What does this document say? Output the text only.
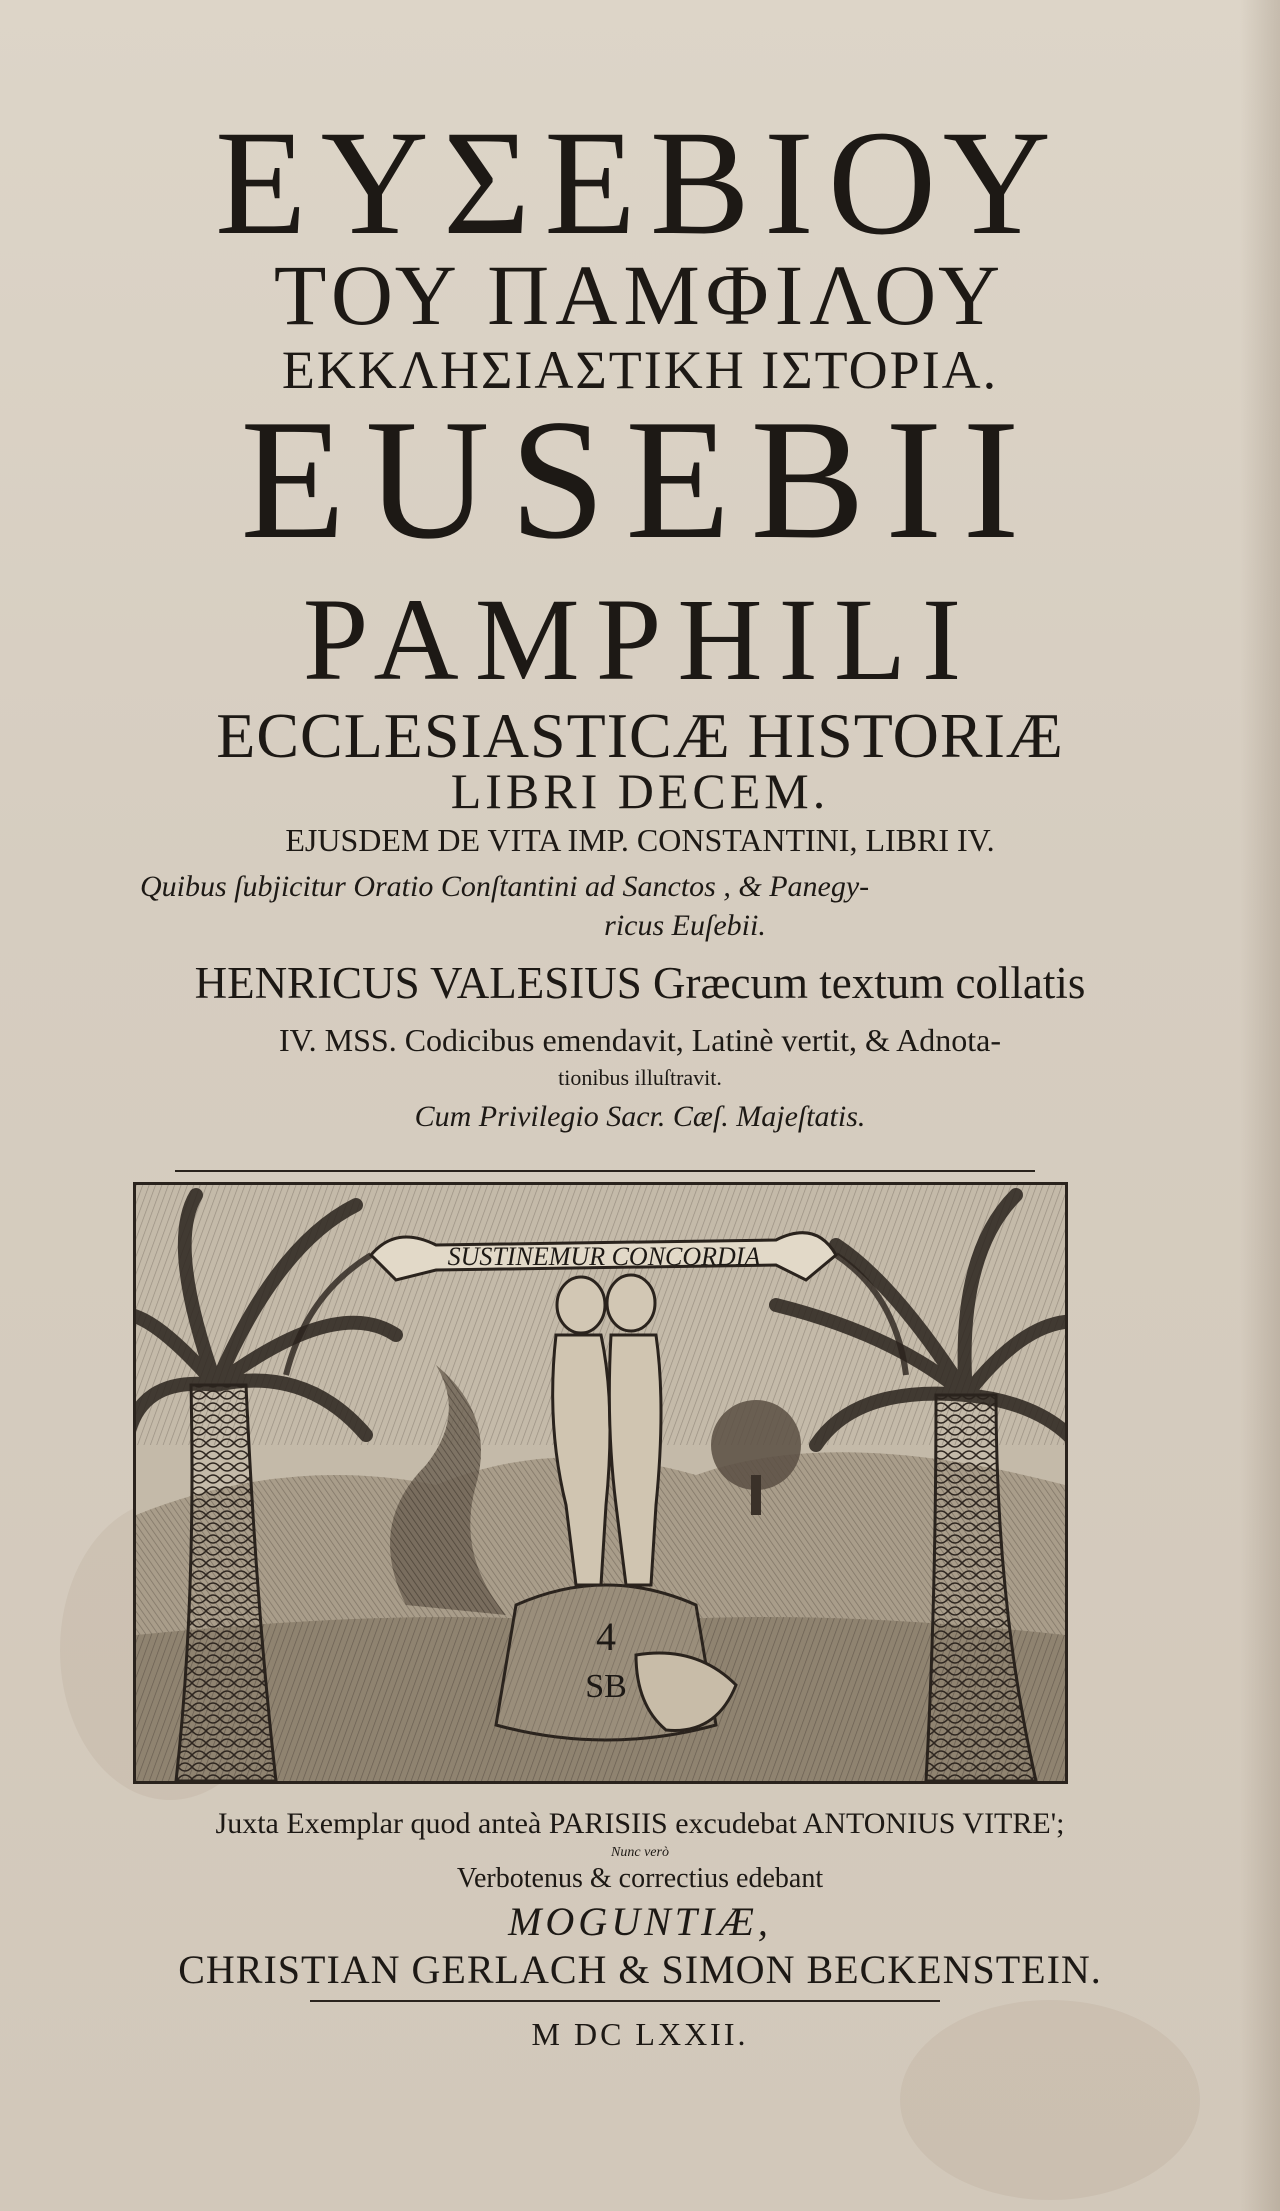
ΕΥΣΕΒΙΟΥ
ΤΟΥ ΠΑΜΦΙΛΟΥ
ΕΚΚΛΗΣΙΑΣΤΙΚΗ ΙΣΤΟΡΙΑ.
EUSEBII
PAMPHILI
ECCLESIASTICÆ HISTORIÆ
LIBRI DECEM.
EJUSDEM DE VITA IMP. CONSTANTINI, LIBRI IV.
Quibus ſubjicitur Oratio Conſtantini ad Sanctos , & Panegy-
ricus Euſebii.
HENRICUS VALESIUS Græcum textum collatis
IV. MSS. Codicibus emendavit, Latinè vertit, & Adnota-
tionibus illuſtravit.
Cum Privilegio Sacr. Cæſ. Majeſtatis.
SUSTINEMUR CONCORDIA
4
SB
Juxta Exemplar quod anteà PARISIIS excudebat ANTONIUS VITRE';
Nunc verò
Verbotenus & correctius edebant
MOGUNTIÆ,
CHRISTIAN GERLACH & SIMON BECKENSTEIN.
M DC LXXII.
